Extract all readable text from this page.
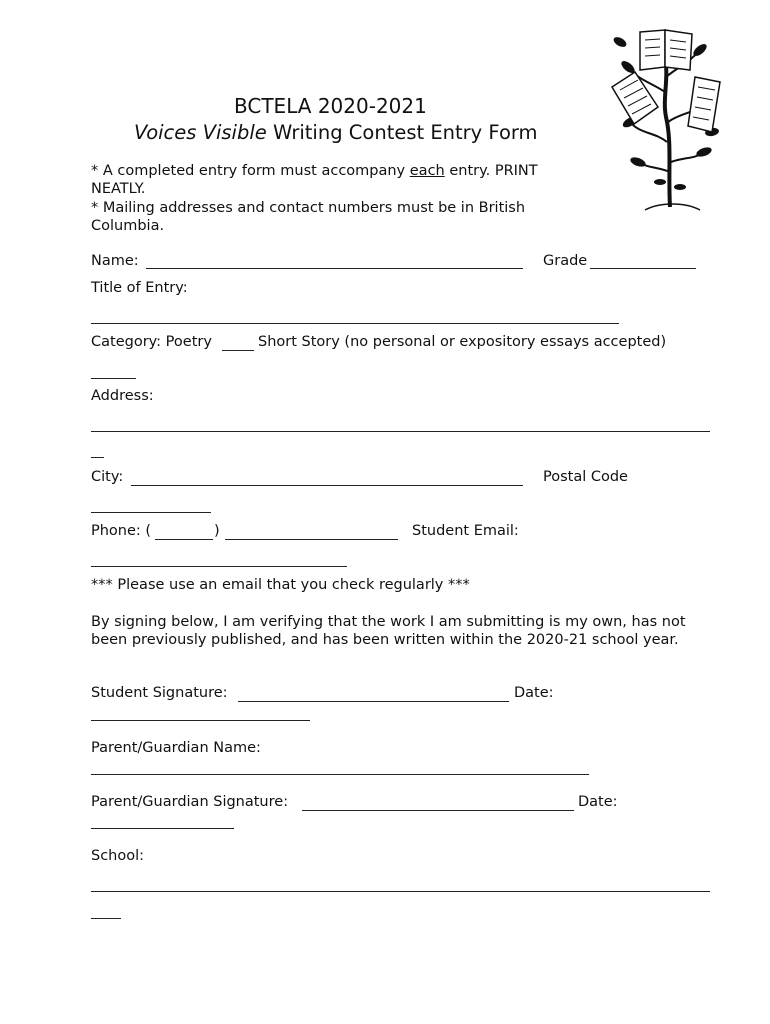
BCTELA 2020-2021
Voices Visible Writing Contest Entry Form
* A completed entry form must accompany each entry. PRINT NEATLY.
* Mailing addresses and contact numbers must be in British Columbia.
Name:	Grade
Title of Entry:
Category: Poetry	Short Story (no personal or expository essays accepted)
Address:
City:	Postal Code
Phone: (	)	Student Email:
*** Please use an email that you check regularly ***
By signing below, I am verifying that the work I am submitting is my own, has not been previously published, and has been written within the 2020-21 school year.
Student Signature:	Date:
Parent/Guardian Name:
Parent/Guardian Signature:	Date:
School:
